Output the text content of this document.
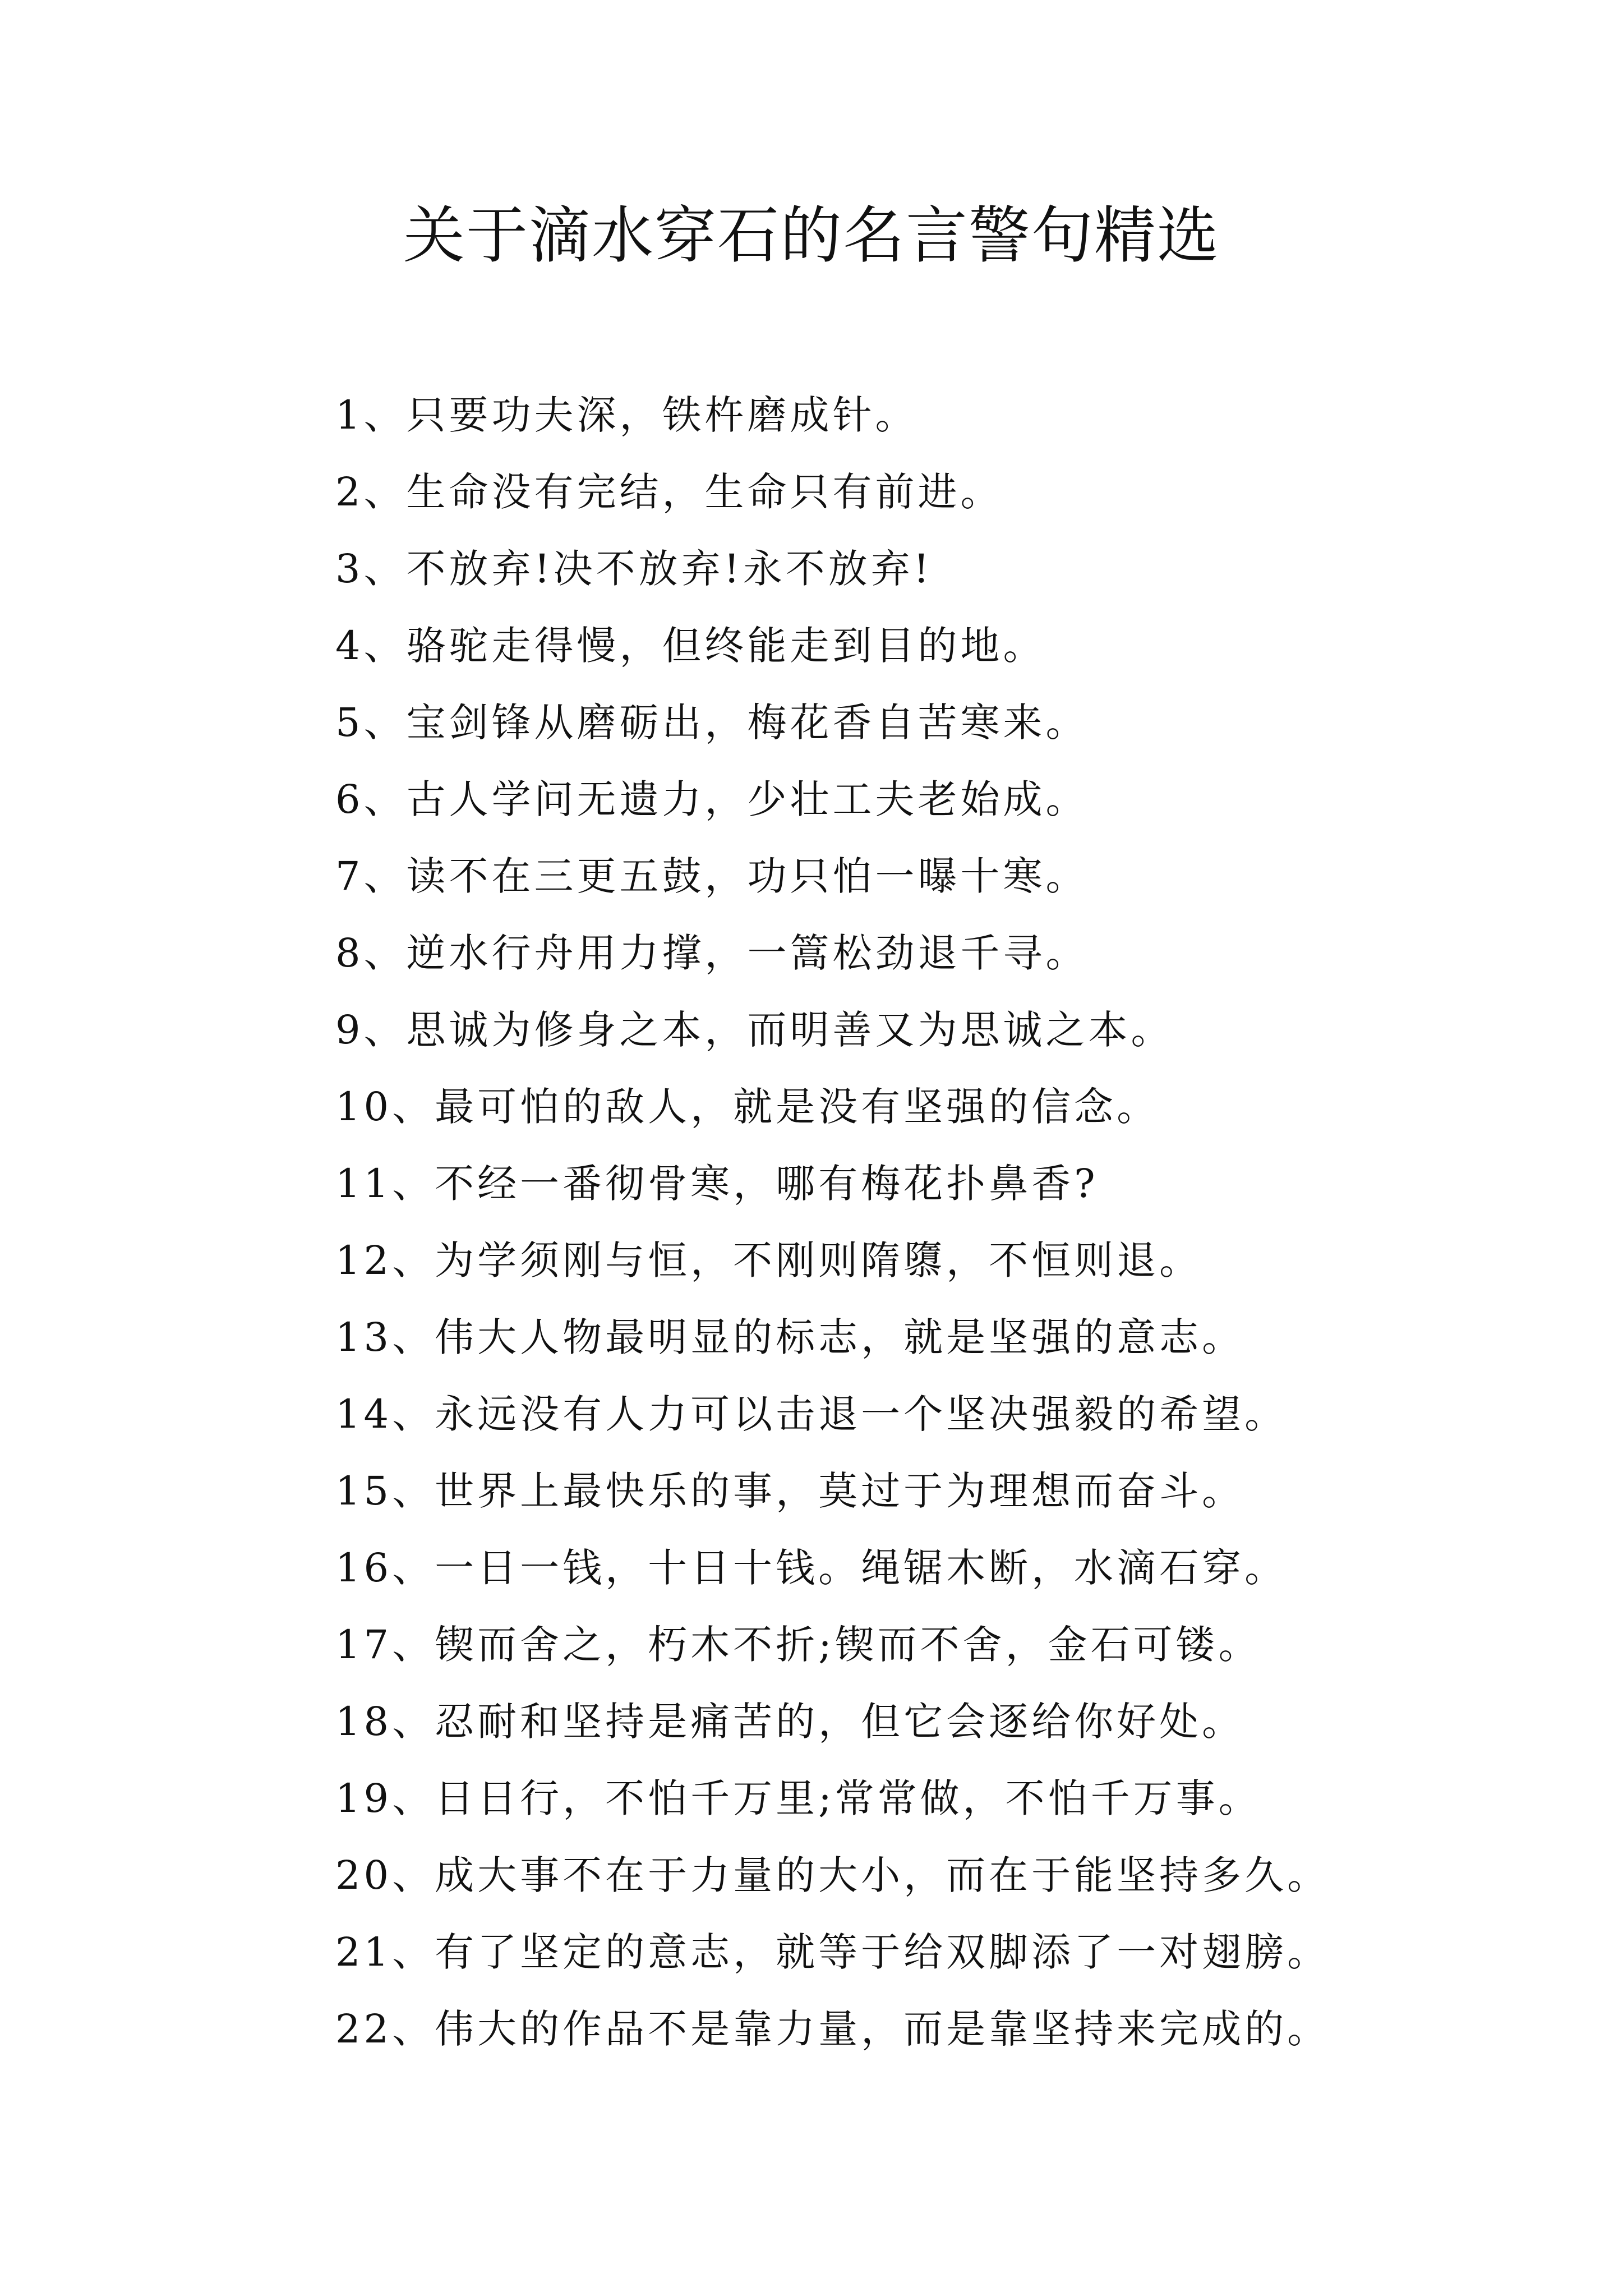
关于滴水穿石的名言警句精选
1、只要功夫深，铁杵磨成针。
2、生命没有完结，生命只有前进。
3、不放弃!决不放弃!永不放弃!
4、骆驼走得慢，但终能走到目的地。
5、宝剑锋从磨砺出，梅花香自苦寒来。
6、古人学问无遗力，少壮工夫老始成。
7、读不在三更五鼓，功只怕一曝十寒。
8、逆水行舟用力撑，一篙松劲退千寻。
9、思诚为修身之本，而明善又为思诚之本。
10、最可怕的敌人，就是没有坚强的信念。
11、不经一番彻骨寒，哪有梅花扑鼻香?
12、为学须刚与恒，不刚则隋隳，不恒则退。
13、伟大人物最明显的标志，就是坚强的意志。
14、永远没有人力可以击退一个坚决强毅的希望。
15、世界上最快乐的事，莫过于为理想而奋斗。
16、一日一钱，十日十钱。绳锯木断，水滴石穿。
17、锲而舍之，朽木不折;锲而不舍，金石可镂。
18、忍耐和坚持是痛苦的，但它会逐给你好处。
19、日日行，不怕千万里;常常做，不怕千万事。
20、成大事不在于力量的大小，而在于能坚持多久。
21、有了坚定的意志，就等于给双脚添了一对翅膀。
22、伟大的作品不是靠力量，而是靠坚持来完成的。
